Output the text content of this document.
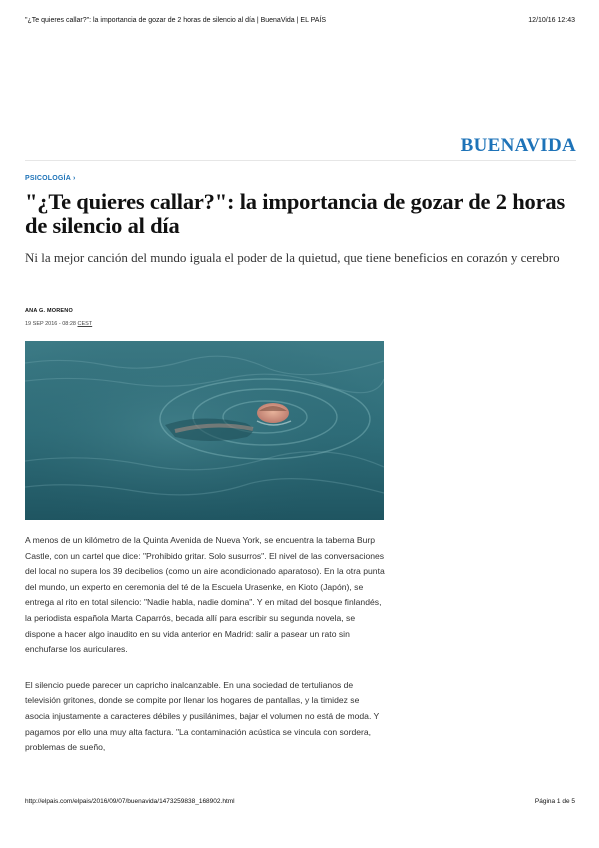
"¿Te quieres callar?": la importancia de gozar de 2 horas de silencio al día | BuenaVida | EL PAÍS	12/10/16 12:43
BUENAVIDA
PSICOLOGÍA ›
"¿Te quieres callar?": la importancia de gozar de 2 horas de silencio al día

Ni la mejor canción del mundo iguala el poder de la quietud, que tiene beneficios en corazón y cerebro

ANA G. MORENO
19 SEP 2016 - 08:28 CEST

A menos de un kilómetro de la Quinta Avenida de Nueva York, se encuentra la taberna Burp Castle, con un cartel que dice: "Prohibido gritar. Solo susurros". El nivel de las conversaciones del local no supera los 39 decibelios (como un aire acondicionado aparatoso). En la otra punta del mundo, un experto en ceremonia del té de la Escuela Urasenke, en Kioto (Japón), se entrega al rito en total silencio: "Nadie habla, nadie domina". Y en mitad del bosque finlandés, la periodista española Marta Caparrós, becada allí para escribir su segunda novela, se dispone a hacer algo inaudito en su vida anterior en Madrid: salir a pasear un rato sin enchufarse los auriculares.

El silencio puede parecer un capricho inalcanzable. En una sociedad de tertulianos de televisión gritones, donde se compite por llenar los hogares de pantallas, y la timidez se asocia injustamente a caracteres débiles y pusilánimes, bajar el volumen no está de moda. Y pagamos por ello una muy alta factura. "La contaminación acústica se vincula con sordera, problemas de sueño,

http://elpais.com/elpais/2016/09/07/buenavida/1473259838_168902.html	Página 1 de 5
